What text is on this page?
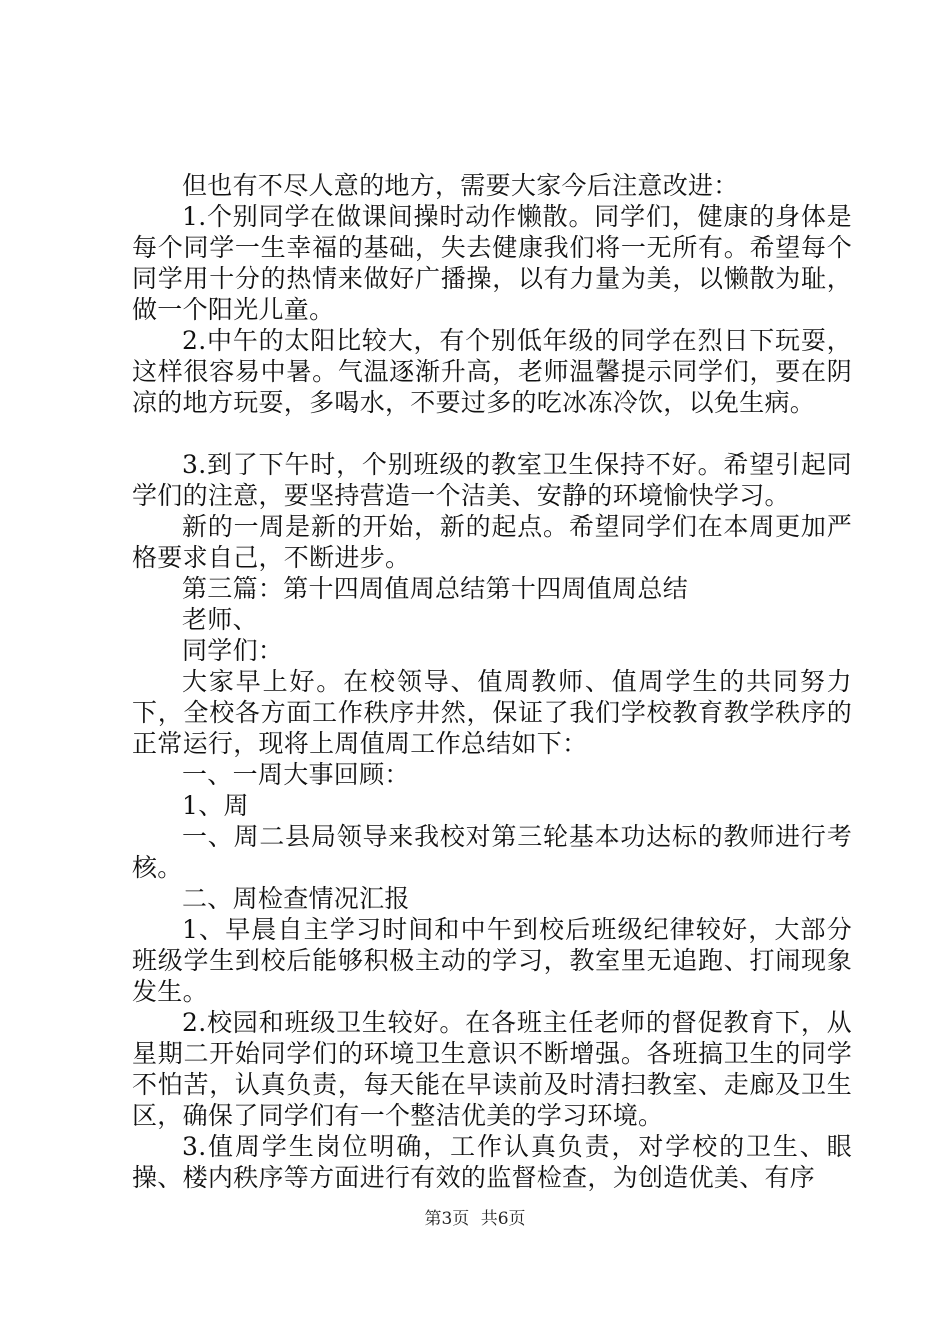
但也有不尽人意的地方，需要大家今后注意改进：

1.个别同学在做课间操时动作懒散。同学们，健康的身体是每个同学一生幸福的基础，失去健康我们将一无所有。希望每个同学用十分的热情来做好广播操，以有力量为美，以懒散为耻，做一个阳光儿童。

2.中午的太阳比较大，有个别低年级的同学在烈日下玩耍，这样很容易中暑。气温逐渐升高，老师温馨提示同学们，要在阴凉的地方玩耍，多喝水，不要过多的吃冰冻冷饮，以免生病。

3.到了下午时，个别班级的教室卫生保持不好。希望引起同学们的注意，要坚持营造一个洁美、安静的环境愉快学习。

新的一周是新的开始，新的起点。希望同学们在本周更加严格要求自己，不断进步。

第三篇：第十四周值周总结第十四周值周总结

老师、

同学们：

大家早上好。在校领导、值周教师、值周学生的共同努力下，全校各方面工作秩序井然，保证了我们学校教育教学秩序的正常运行，现将上周值周工作总结如下：

一、一周大事回顾：

1、周

一、周二县局领导来我校对第三轮基本功达标的教师进行考核。

二、周检查情况汇报

1、早晨自主学习时间和中午到校后班级纪律较好，大部分班级学生到校后能够积极主动的学习，教室里无追跑、打闹现象发生。

2.校园和班级卫生较好。在各班主任老师的督促教育下，从星期二开始同学们的环境卫生意识不断增强。各班搞卫生的同学不怕苦，认真负责，每天能在早读前及时清扫教室、走廊及卫生区，确保了同学们有一个整洁优美的学习环境。

3.值周学生岗位明确，工作认真负责，对学校的卫生、眼操、楼内秩序等方面进行有效的监督检查，为创造优美、有序

第3页 共6页
